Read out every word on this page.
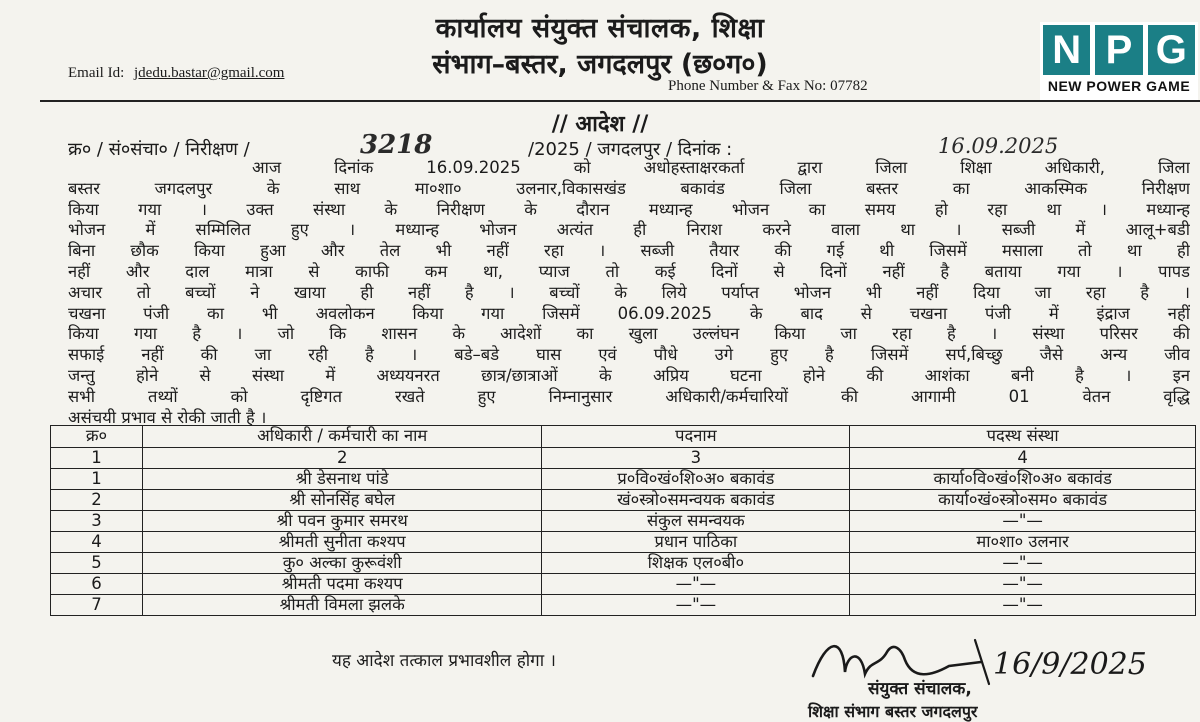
कार्यालय संयुक्त संचालक, शिक्षा
संभाग–बस्तर, जगदलपुर (छ०ग०)
Email Id: jdedu.bastar@gmail.com
Phone Number & Fax No: 07782
N P G
NEW POWER GAME
// आदेश //
क्र० / सं०संचा० / निरीक्षण /	3218	/2025 / जगदलपुर / दिनांक :	16.09.2025
आज दिनांक 16.09.2025 को अधोहस्ताक्षरकर्ता द्वारा जिला शिक्षा अधिकारी, जिला
बस्तर जगदलपुर के साथ मा०शा० उलनार,विकासखंड बकावंड जिला बस्तर का आकस्मिक निरीक्षण
किया गया । उक्त संस्था के निरीक्षण के दौरान मध्यान्ह भोजन का समय हो रहा था । मध्यान्ह
भोजन में सम्मिलित हुए । मध्यान्ह भोजन अत्यंत ही निराश करने वाला था । सब्जी में आलू+बडी
बिना छौक किया हुआ और तेल भी नहीं रहा । सब्जी तैयार की गई थी जिसमें मसाला तो था ही
नहीं और दाल मात्रा से काफी कम था, प्याज तो कई दिनों से दिनों नहीं है बताया गया । पापड
अचार तो बच्चों ने खाया ही नहीं है । बच्चों के लिये पर्याप्त भोजन भी नहीं दिया जा रहा है ।
चखना पंजी का भी अवलोकन किया गया जिसमें 06.09.2025 के बाद से चखना पंजी में इंद्राज नहीं
किया गया है । जो कि शासन के आदेशों का खुला उल्लंघन किया जा रहा है । संस्था परिसर की
सफाई नहीं की जा रही है । बडे–बडे घास एवं पौधे उगे हुए है जिसमें सर्प,बिच्छु जैसे अन्य जीव
जन्तु होने से संस्था में अध्ययनरत छात्र/छात्राओं के अप्रिय घटना होने की आशंका बनी है । इन
सभी तथ्यों को दृष्टिगत रखते हुए निम्नानुसार अधिकारी/कर्मचारियों की आगामी 01 वेतन वृद्धि
असंचयी प्रभाव से रोकी जाती है ।
क्र०	अधिकारी / कर्मचारी का नाम	पदनाम	पदस्थ संस्था
1	2	3	4
1	श्री डेसनाथ पांडे	प्र०वि०खं०शि०अ० बकावंड	कार्या०वि०खं०शि०अ० बकावंड
2	श्री सोनसिंह बघेल	खं०स्त्रो०समन्वयक बकावंड	कार्या०खं०स्त्रो०सम० बकावंड
3	श्री पवन कुमार समरथ	संकुल समन्वयक	—"—
4	श्रीमती सुनीता कश्यप	प्रधान पाठिका	मा०शा० उलनार
5	कु० अल्का कुरूवंशी	शिक्षक एल०बी०	—"—
6	श्रीमती पदमा कश्यप	—"—	—"—
7	श्रीमती विमला झलके	—"—	—"—
यह आदेश तत्काल प्रभावशील होगा ।	16/9/2025
संयुक्त संचालक,
शिक्षा संभाग बस्तर जगदलपुर
